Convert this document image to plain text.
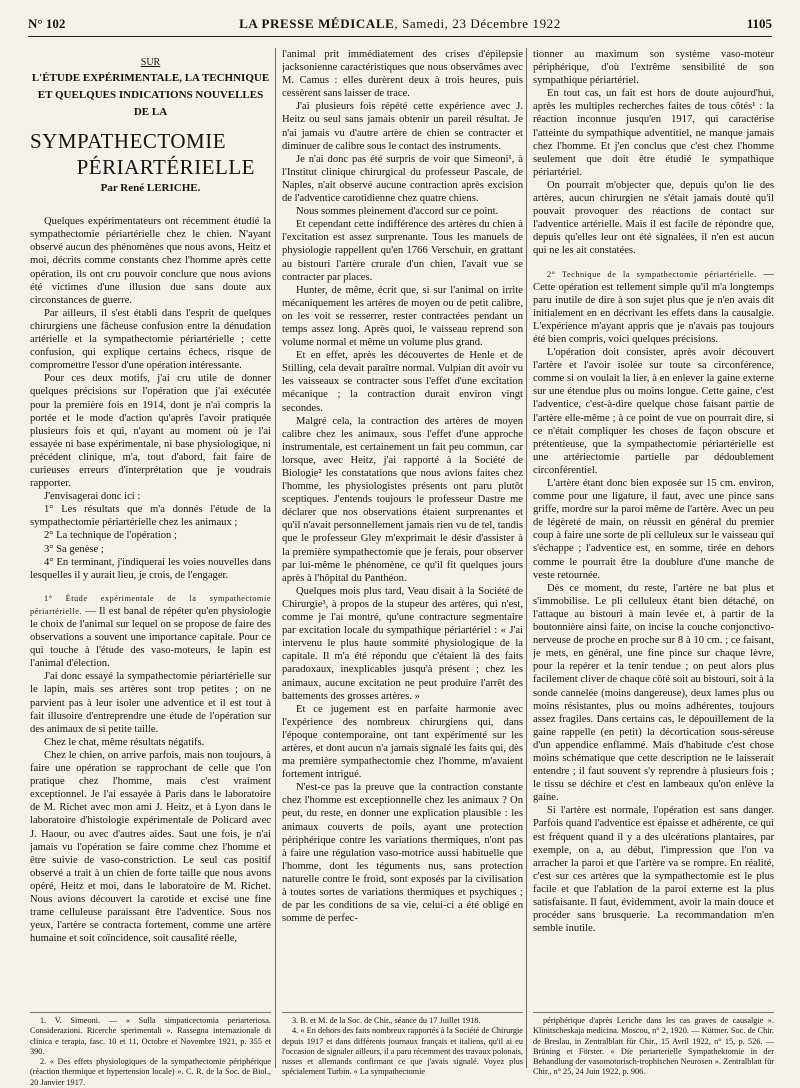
N° 102	LA PRESSE MÉDICALE, Samedi, 23 Décembre 1922	1105

SUR

L'ÉTUDE EXPÉRIMENTALE, LA TECHNIQUE

ET QUELQUES INDICATIONS NOUVELLES

DE LA

SYMPATHECTOMIE

PÉRIARTÉRIELLE

Par René LERICHE.

Quelques expérimentateurs ont récemment étudié la sympathectomie périartérielle chez le chien. N'ayant observé aucun des phénomènes que nous avons, Heitz et moi, décrits comme constants chez l'homme après cette opération, ils ont cru pouvoir conclure que nous avions été victimes d'une illusion due sans doute aux circonstances de guerre.

Par ailleurs, il s'est établi dans l'esprit de quelques chirurgiens une fâcheuse confusion entre la dénudation artérielle et la sympathectomie périartérielle ; cette confusion, qui explique certains échecs, risque de compromettre l'essor d'une opération intéressante.

Pour ces deux motifs, j'ai cru utile de donner quelques précisions sur l'opération que j'ai exécutée pour la première fois en 1914, dont je n'ai compris la portée et le mode d'action qu'après l'avoir pratiquée plusieurs fois et qui, n'ayant au moment où je l'ai essayée ni base expérimentale, ni base physiologique, ni précédent clinique, m'a, tout d'abord, fait faire de curieuses erreurs d'interprétation que je voudrais rapporter.

J'envisagerai donc ici :

1° Les résultats que m'a donnés l'étude de la sympathectomie périartérielle chez les animaux ;

2° La technique de l'opération ;

3° Sa genèse ;

4° En terminant, j'indiquerai les voies nouvelles dans lesquelles il y aurait lieu, je crois, de l'engager.

1° Étude expérimentale de la sympathectomie périartérielle. — Il est banal de répéter qu'en physiologie le choix de l'animal sur lequel on se propose de faire des observations a souvent une importance capitale. Pour ce qui touche à l'étude des vaso-moteurs, le lapin est l'animal d'élection.

J'ai donc essayé la sympathectomie périartérielle sur le lapin, mais ses artères sont trop petites ; on ne parvient pas à leur isoler une adventice et il est tout à fait illusoire d'entreprendre une étude de l'opération sur des animaux de si petite taille.

Chez le chat, même résultats négatifs.

Chez le chien, on arrive parfois, mais non toujours, à faire une opération se rapprochant de celle que l'on pratique chez l'homme, mais c'est vraiment exceptionnel. Je l'ai essayée à Paris dans le laboratoire de M. Richet avec mon ami J. Heitz, et à Lyon dans le laboratoire d'histologie expérimentale de Policard avec J. Haour, ou avec d'autres aides. Saut une fois, je n'ai jamais vu l'opération se faire comme chez l'homme et être suivie de vaso-constriction. Le seul cas positif observé a trait à un chien de forte taille que nous avons opéré, Heitz et moi, dans le laboratoire de M. Richet. Nous avions découvert la carotide et excisé une fine trame celluleuse paraissant être l'adventice. Sous nos yeux, l'artère se contracta fortement, comme une artère humaine et soit coïncidence, soit causalité réelle,

l'animal prit immédiatement des crises d'épilepsie jacksonienne caractéristiques que nous observâmes avec M. Camus : elles durèrent deux à trois heures, puis cessèrent sans laisser de trace.

J'ai plusieurs fois répété cette expérience avec J. Heitz ou seul sans jamais obtenir un pareil résultat. Je n'ai jamais vu d'autre artère de chien se contracter et diminuer de calibre sous le contact des instruments.

Je n'ai donc pas été surpris de voir que Simeoni¹, à l'Institut clinique chirurgical du professeur Pascale, de Naples, n'ait observé aucune contraction après excision de l'adventice carotidienne chez quatre chiens.

Nous sommes pleinement d'accord sur ce point.

Et cependant cette indifférence des artères du chien à l'excitation est assez surprenante. Tous les manuels de physiologie rappellent qu'en 1766 Verschuir, en grattant au bistouri l'artère crurale d'un chien, l'avait vue se contracter par places.

Hunter, de même, écrit que, si sur l'animal on irrite mécaniquement les artères de moyen ou de petit calibre, on les voit se resserrer, rester contractées pendant un temps assez long. Après quoi, le vaisseau reprend son volume normal et même un volume plus grand.

Et en effet, après les découvertes de Henle et de Stilling, cela devait paraître normal. Vulpian dit avoir vu les vaisseaux se contracter sous l'effet d'une excitation mécanique ; la contraction durait environ vingt secondes.

Malgré cela, la contraction des artères de moyen calibre chez les animaux, sous l'effet d'une approche instrumentale, est certainement un fait peu commun, car lorsque, avec Heitz, j'ai rapporté à la Société de Biologie² les constatations que nous avions faites chez l'homme, les physiologistes présents ont paru plutôt sceptiques. J'entends toujours le professeur Dastre me déclarer que nos observations étaient surprenantes et qu'il n'avait personnellement jamais rien vu de tel, tandis que le professeur Gley m'exprimait le désir d'assister à la première sympathectomie que je ferais, pour observer par lui-même le phénomène, ce qu'il fit quelques jours après à l'hôpital du Panthéon.

Quelques mois plus tard, Veau disait à la Société de Chirurgie³, à propos de la stupeur des artères, qui n'est, comme je l'ai montré, qu'une contracture segmentaire par excitation locale du sympathique périartériel : « J'ai intervenu le plus haute sommité physiologique de la capitale. Il m'a été répondu que c'étaient là des faits paradoxaux, inexplicables jusqu'à présent ; chez les animaux, aucune excitation ne peut produire l'arrêt des battements des grosses artères. »

Et ce jugement est en parfaite harmonie avec l'expérience des nombreux chirurgiens qui, dans l'époque contemporaine, ont tant expérimenté sur les artères, et dont aucun n'a jamais signalé les faits qui, dès ma première sympathectomie chez l'homme, m'avaient fortement intrigué.

N'est-ce pas la preuve que la contraction constante chez l'homme est exceptionnelle chez les animaux ? On peut, du reste, en donner une explication plausible : les animaux couverts de poils, ayant une protection périphérique contre les variations thermiques, n'ont pas à faire une régulation vaso-motrice aussi habituelle que l'homme, dont les téguments nus, sans protection naturelle contre le froid, sont exposés par la civilisation à toutes sortes de variations thermiques et psychiques ; de par les conditions de sa vie, celui-ci a été obligé en somme de perfec-

tionner au maximum son système vaso-moteur périphérique, d'où l'extrême sensibilité de son sympathique périartériel.

En tout cas, un fait est hors de doute aujourd'hui, après les multiples recherches faites de tous côtés¹ : la réaction inconnue jusqu'en 1917, qui caractérise l'atteinte du sympathique adventitiel, ne manque jamais chez l'homme. Et j'en conclus que c'est chez l'homme seulement que doit être étudié le sympathique périartériel.

On pourrait m'objecter que, depuis qu'on lie des artères, aucun chirurgien ne s'était jamais douté qu'il pouvait provoquer des réactions de contact sur l'adventice artérielle. Mais il est facile de répondre que, depuis qu'elles leur ont été signalées, il n'en est aucun qui ne les ait constatées.

2° Technique de la sympathectomie périartérielle. — Cette opération est tellement simple qu'il m'a longtemps paru inutile de dire à son sujet plus que je n'en avais dit initialement en en décrivant les effets dans la causalgie. L'expérience m'ayant appris que je n'avais pas toujours été bien compris, voici quelques précisions.

L'opération doit consister, après avoir découvert l'artère et l'avoir isolée sur toute sa circonférence, comme si on voulait la lier, à en enlever la gaine externe sur une étendue plus ou moins longue. Cette gaine, c'est l'adventice, c'est-à-dire quelque chose faisant partie de l'artère elle-même ; à ce point de vue on pourrait dire, si ce n'était compliquer les choses de façon obscure et prétentieuse, que la sympathectomie périartérielle est une artériectomie partielle par dédoublement circonférentiel.

L'artère étant donc bien exposée sur 15 cm. environ, comme pour une ligature, il faut, avec une pince sans griffe, mordre sur la paroi même de l'artère. Avec un peu de légèreté de main, on réussit en général du premier coup à faire une sorte de pli celluleux sur le vaisseau qui s'échappe ; l'adventice est, en somme, tirée en dehors comme le pourrait être la doublure d'une manche de veste retournée.

Dès ce moment, du reste, l'artère ne bat plus et s'immobilise. Le pli celluleux étant bien détaché, on l'attaque au bistouri à main levée et, à partir de la boutonnière ainsi faite, on incise la couche conjonctivo-nerveuse de proche en proche sur 8 à 10 cm. ; ce faisant, je mets, en général, une fine pince sur chaque lèvre, pour la repérer et la tenir tendue ; on peut alors plus facilement cliver de chaque côté soit au bistouri, soit à la sonde cannelée (moins dangereuse), deux lames plus ou moins résistantes, plus ou moins adhérentes, toujours assez fragiles. Dans certains cas, le dépouillement de la gaine rappelle (en petit) la décortication sous-séreuse d'un appendice enflammé. Mais d'habitude c'est chose moins schématique que cette description ne le laisserait entendre ; il faut souvent s'y reprendre à plusieurs fois ; le tissu se déchire et c'est en lambeaux qu'on enlève la gaine.

Si l'artère est normale, l'opération est sans danger. Parfois quand l'adventice est épaisse et adhérente, ce qui est fréquent quand il y a des ulcérations plantaires, par exemple, on a, au début, l'impression que l'on va arracher la paroi et que l'artère va se rompre. En réalité, c'est sur ces artères que la sympathectomie est le plus facile et que l'ablation de la paroi externe est la plus satisfaisante. Il faut, évidemment, avoir la main douce et procéder sans brusquerie. La recommandation m'en semble inutile.

1. V. Simeoni. — « Sulla simpaticectomia periarteriosa. Considerazioni. Ricerche sperimentali ». Rassegna internazionale di clinica e terapia, fasc. 10 et 11, Octobre et Novembre 1921, p. 355 et 390.

2. « Des effets physiologiques de la sympathectomie périphérique (réaction thermique et hypertension locale) ». C. R. de la Soc. de Biol., 20 Janvier 1917.

3. B. et M. de la Soc. de Chir., séance du 17 Juillet 1918.

4. « En dehors des faits nombreux rapportés à la Société de Chirurgie depuis 1917 et dans différents journaux français et italiens, qu'il ai eu l'occasion de signaler ailleurs, il a paru récemment des travaux polonais, russes et allemands confirmant ce que j'avais signalé. Voyez plus spécialement Turbin. « La sympathectomie

périphérique d'après Leriche dans les cas graves de causalgie ». Klinitscheskaja medicina. Moscou, n° 2, 1920. — Küttner. Soc. de Chir. de Breslau, in Zentralblatt für Chir., 15 Avril 1922, n° 15, p. 526. — Brüning et Förster. « Die periarterielle Sympathektomie in der Behandlung der vasomotorisch-trophischen Neurosen ». Zentralblatt für Chir., n° 25, 24 Juin 1922, p. 906.
